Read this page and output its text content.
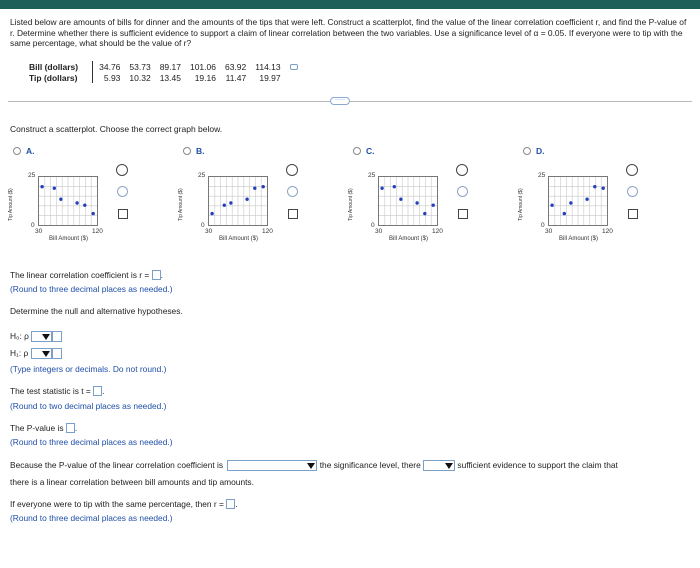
Listed below are amounts of bills for dinner and the amounts of the tips that were left. Construct a scatterplot, find the value of the linear correlation coefficient r, and find the P-value of r. Determine whether there is sufficient evidence to support a claim of linear correlation between the two variables. Use a significance level of α = 0.05. If everyone were to tip with the same percentage, what should be the value of r?
Bill (dollars)	34.76	53.73	89.17	101.06	63.92	114.13	
Tip (dollars)	5.93	10.32	13.45	19.16	11.47	19.97	
·····
Construct a scatterplot. Choose the correct graph below.
A.	B.	C.	D.
Tip Amount ($)
25
0
30	120
Bill Amount ($)
Tip Amount ($)
25
0
30	120
Bill Amount ($)
Tip Amount ($)
25
0
30	120
Bill Amount ($)
Tip Amount ($)
25
0
30	120
Bill Amount ($)
The linear correlation coefficient is r = .
(Round to three decimal places as needed.)
Determine the null and alternative hypotheses.
H₀: ρ
H₁: ρ
(Type integers or decimals. Do not round.)
The test statistic is t = .
(Round to two decimal places as needed.)
The P-value is .
(Round to three decimal places as needed.)
Because the P-value of the linear correlation coefficient is	the significance level, there	sufficient evidence to support the claim that
there is a linear correlation between bill amounts and tip amounts.
If everyone were to tip with the same percentage, then r = .
(Round to three decimal places as needed.)
